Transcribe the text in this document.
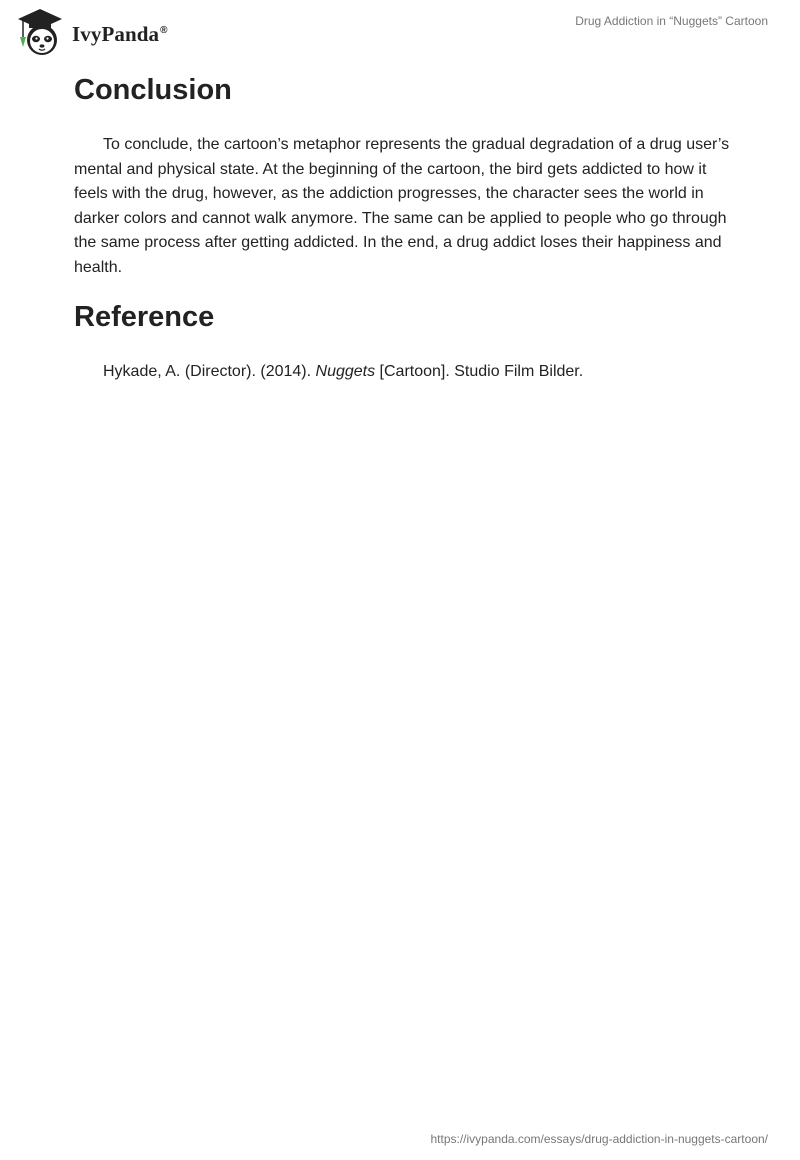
IvyPanda®
Drug Addiction in “Nuggets” Cartoon
Conclusion

To conclude, the cartoon’s metaphor represents the gradual degradation of a drug user’s mental and physical state. At the beginning of the cartoon, the bird gets addicted to how it feels with the drug, however, as the addiction progresses, the character sees the world in darker colors and cannot walk anymore. The same can be applied to people who go through the same process after getting addicted. In the end, a drug addict loses their happiness and health.

Reference

Hykade, A. (Director). (2014). Nuggets [Cartoon]. Studio Film Bilder.

https://ivypanda.com/essays/drug-addiction-in-nuggets-cartoon/
